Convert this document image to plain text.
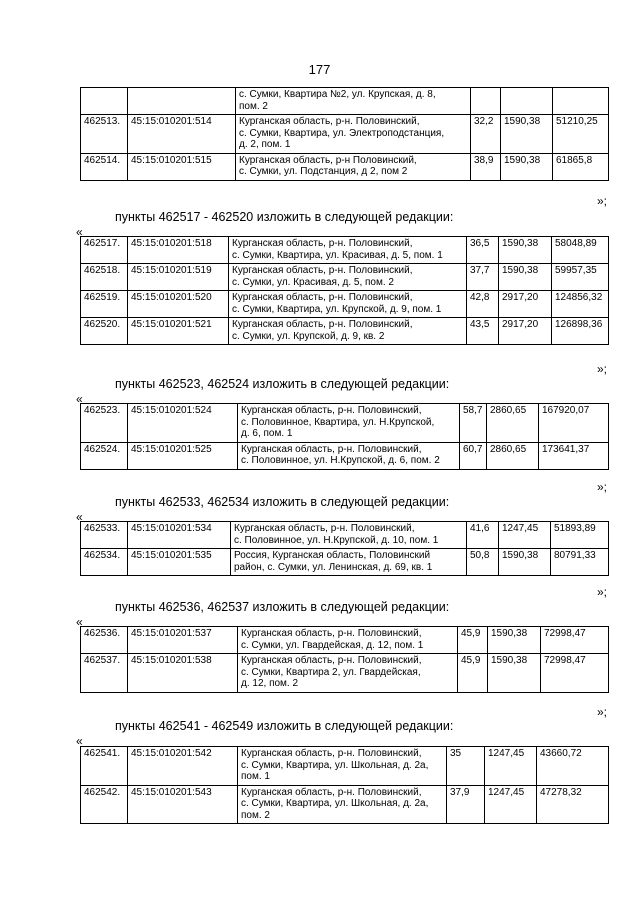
177

		с. Сумки, Квартира №2, ул. Крупская, д. 8,
пом. 2			

462513.	45:15:010201:514	Курганская область, р-н. Половинский,
с. Сумки, Квартира, ул. Электроподстанция,
д. 2, пом. 1	32,2	1590,38	51210,25
462514.	45:15:010201:515	Курганская область, р-н Половинский,
с. Сумки, ул. Подстанция, д 2, пом 2	38,9	1590,38	61865,8
»;
пункты 462517 - 462520 изложить в следующей редакции:
«
462517.	45:15:010201:518	Курганская область, р-н. Половинский,
с. Сумки, Квартира, ул. Красивая, д. 5, пом. 1	36,5	1590,38	58048,89
462518.	45:15:010201:519	Курганская область, р-н. Половинский,
с. Сумки, ул. Красивая, д. 5, пом. 2	37,7	1590,38	59957,35
462519.	45:15:010201:520	Курганская область, р-н. Половинский,
с. Сумки, Квартира, ул. Крупской, д. 9, пом. 1	42,8	2917,20	124856,32
462520.	45:15:010201:521	Курганская область, р-н. Половинский,
с. Сумки, ул. Крупской, д. 9, кв. 2	43,5	2917,20	126898,36
»;
пункты 462523, 462524 изложить в следующей редакции:
«
462523.	45:15:010201:524	Курганская область, р-н. Половинский,
с. Половинное, Квартира, ул. Н.Крупской,
д. 6, пом. 1	58,7	2860,65	167920,07
462524.	45:15:010201:525	Курганская область, р-н. Половинский,
с. Половинное, ул. Н.Крупской, д. 6, пом. 2	60,7	2860,65	173641,37
»;
пункты 462533, 462534 изложить в следующей редакции:
«
462533.	45:15:010201:534	Курганская область, р-н. Половинский,
с. Половинное, ул. Н.Крупской, д. 10, пом. 1	41,6	1247,45	51893,89
462534.	45:15:010201:535	Россия, Курганская область, Половинский
район, с. Сумки, ул. Ленинская, д. 69, кв. 1	50,8	1590,38	80791,33
»;
пункты 462536, 462537 изложить в следующей редакции:
«
462536.	45:15:010201:537	Курганская область, р-н. Половинский,
с. Сумки, ул. Гвардейская, д. 12, пом. 1	45,9	1590,38	72998,47
462537.	45:15:010201:538	Курганская область, р-н. Половинский,
с. Сумки, Квартира 2, ул. Гвардейская,
д. 12, пом. 2	45,9	1590,38	72998,47
»;
пункты 462541 - 462549 изложить в следующей редакции:
«
462541.	45:15:010201:542	Курганская область, р-н. Половинский,
с. Сумки, Квартира, ул. Школьная, д. 2а,
пом. 1	35	1247,45	43660,72
462542.	45:15:010201:543	Курганская область, р-н. Половинский,
с. Сумки, Квартира, ул. Школьная, д. 2а,
пом. 2	37,9	1247,45	47278,32
